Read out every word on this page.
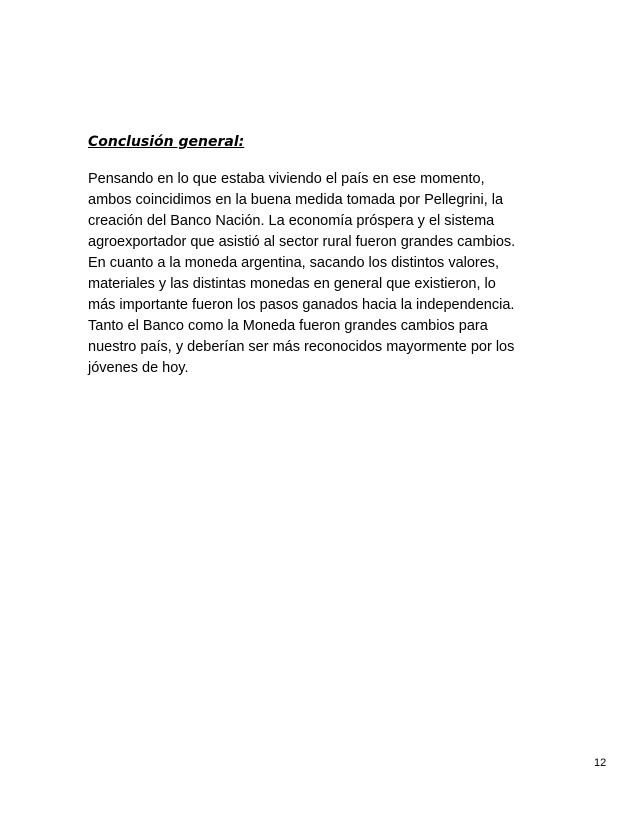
Conclusión general:
Pensando en lo que estaba viviendo el país en ese momento,
ambos coincidimos en la buena medida tomada por Pellegrini, la
creación del Banco Nación. La economía próspera y el sistema
agroexportador que asistió al sector rural fueron grandes cambios.
En cuanto a la moneda argentina, sacando los distintos valores,
materiales y las distintas monedas en general que existieron, lo
más importante fueron los pasos ganados hacia la independencia.
Tanto el Banco como la Moneda fueron grandes cambios para
nuestro país, y deberían ser más reconocidos mayormente por los
jóvenes de hoy.
12
